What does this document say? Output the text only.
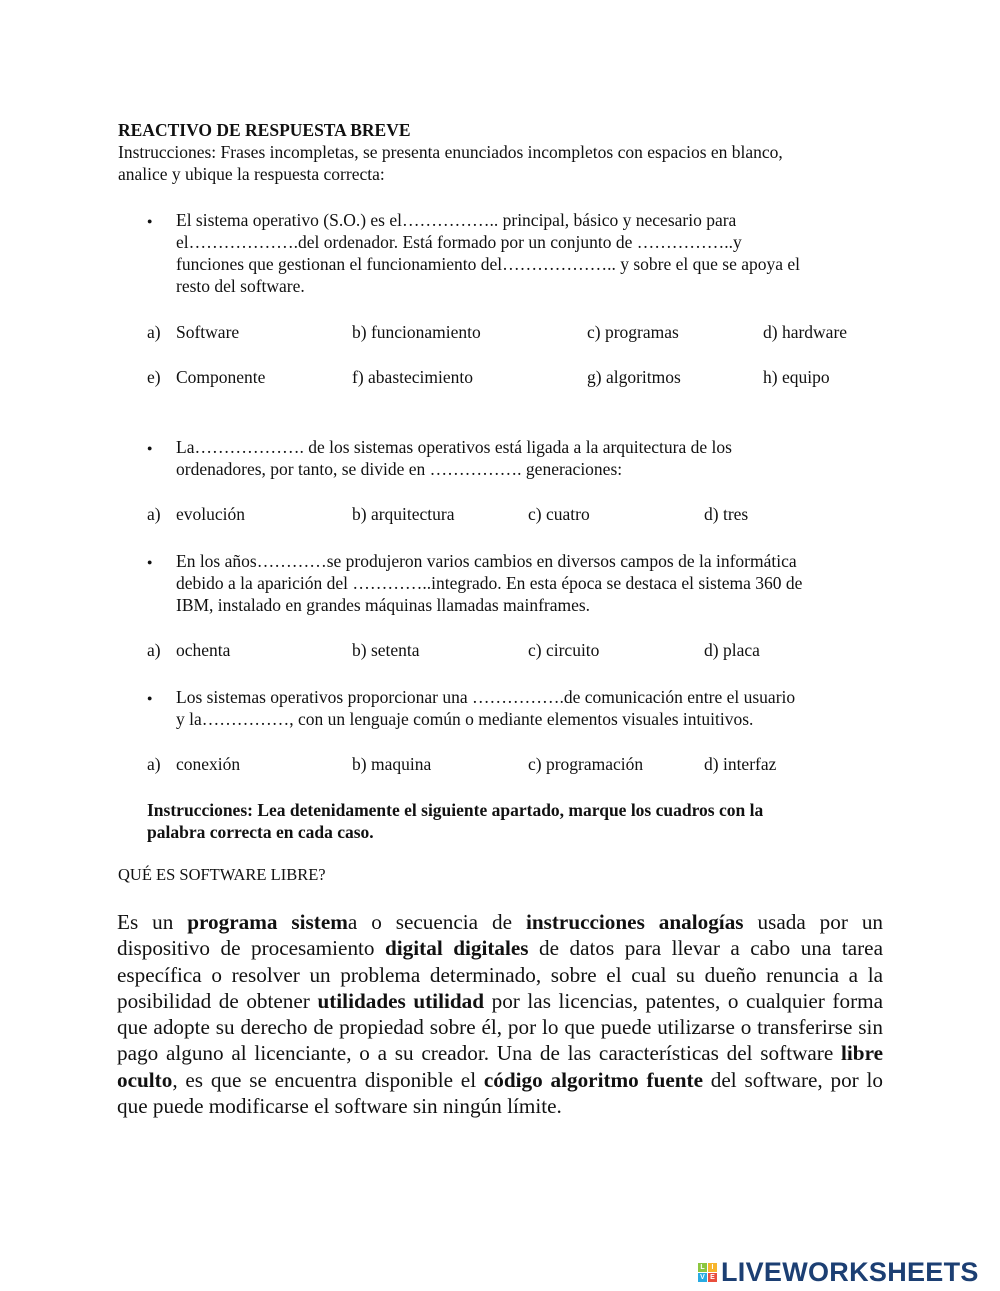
REACTIVO DE RESPUESTA BREVE
Instrucciones: Frases incompletas, se presenta enunciados incompletos con espacios en blanco,
analice y ubique la respuesta correcta:
● El sistema operativo (S.O.) es el…………….. principal, básico y necesario para
el……………….del ordenador. Está formado por un conjunto de ……………..y
funciones que gestionan el funcionamiento del……………….. y sobre el que se apoya el
resto del software.
a) Software	b) funcionamiento	c) programas	d) hardware
e) Componente	f) abastecimiento	g) algoritmos	h) equipo
● La………………. de los sistemas operativos está ligada a la arquitectura de los
ordenadores, por tanto, se divide en ……………. generaciones:
a) evolución	b) arquitectura	c) cuatro	d) tres
● En los años…………se produjeron varios cambios en diversos campos de la informática
debido a la aparición del …………..integrado. En esta época se destaca el sistema 360 de
IBM, instalado en grandes máquinas llamadas mainframes.
a) ochenta	b) setenta	c) circuito	d) placa
● Los sistemas operativos proporcionar una …………….de comunicación entre el usuario
y la……………, con un lenguaje común o mediante elementos visuales intuitivos.
a) conexión	b) maquina	c) programación	d) interfaz
Instrucciones: Lea detenidamente el siguiente apartado, marque los cuadros con la
palabra correcta en cada caso.
QUÉ ES SOFTWARE LIBRE?
Es un programa sistema o secuencia de instrucciones analogías usada por un dispositivo de procesamiento digital digitales de datos para llevar a cabo una tarea específica o resolver un problema determinado, sobre el cual su dueño renuncia a la posibilidad de obtener utilidades utilidad por las licencias, patentes, o cualquier forma que adopte su derecho de propiedad sobre él, por lo que puede utilizarse o transferirse sin pago alguno al licenciante, o a su creador. Una de las características del software libre oculto, es que se encuentra disponible el código algoritmo fuente del software, por lo que puede modificarse el software sin ningún límite.
L I
V E LIVEWORKSHEETS
